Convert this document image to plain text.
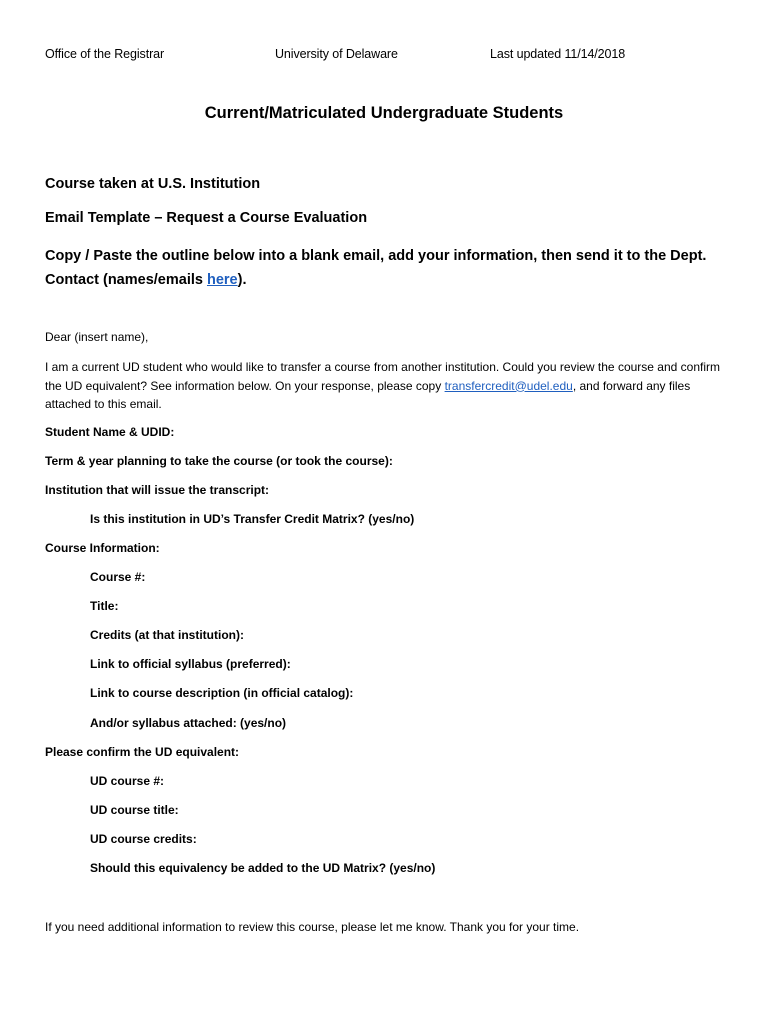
Office of the Registrar	University of Delaware	Last updated 11/14/2018
Current/Matriculated Undergraduate Students
Course taken at U.S. Institution
Email Template – Request a Course Evaluation
Copy / Paste the outline below into a blank email, add your information, then send it to the Dept. Contact (names/emails here).
Dear (insert name),
I am a current UD student who would like to transfer a course from another institution. Could you review the course and confirm the UD equivalent? See information below. On your response, please copy transfercredit@udel.edu, and forward any files attached to this email.
Student Name & UDID:
Term & year planning to take the course (or took the course):
Institution that will issue the transcript:
Is this institution in UD’s Transfer Credit Matrix? (yes/no)
Course Information:
Course #:
Title:
Credits (at that institution):
Link to official syllabus (preferred):
Link to course description (in official catalog):
And/or syllabus attached: (yes/no)
Please confirm the UD equivalent:
UD course #:
UD course title:
UD course credits:
Should this equivalency be added to the UD Matrix? (yes/no)
If you need additional information to review this course, please let me know. Thank you for your time.
